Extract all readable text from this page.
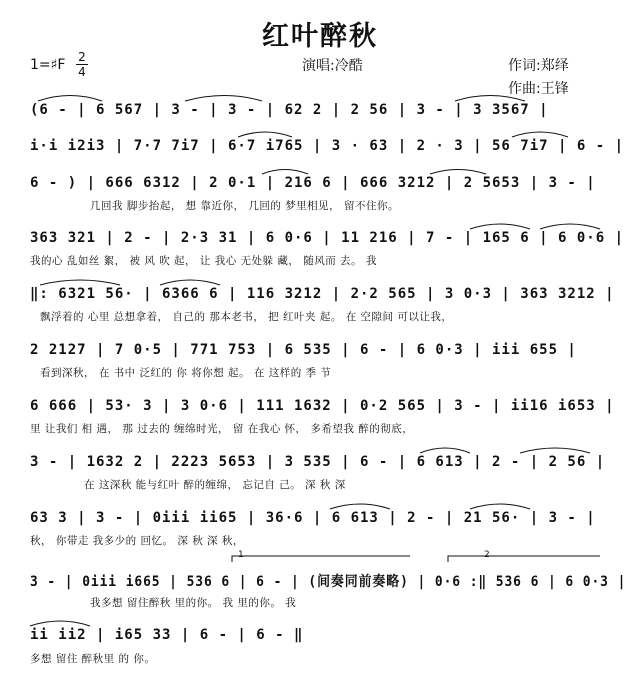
红叶醉秋
1=♯F 2
4	演唱:冷酷	作词:郑绎
作曲:王锋
(6 - | 6 567 | 3 - | 3 - | 62 2 | 2 56 | 3 - | 3 3567 |
i·i i2i3 | 7·7 7i7 | 6·7 i765 | 3 · 63 | 2 · 3 | 56 7i7 | 6 - |
6 - ) | 666 6312 | 2 0·1 | 216 6 | 666 3212 | 2 5653 | 3 - |
几回我 脚步抬起， 想 靠近你， 几回的 梦里相见， 留不住你。
363 321 | 2 - | 2·3 31 | 6 0·6 | 11 216 | 7 - | 165 6 | 6 0·6 |
我的心 乱如丝 絮， 被 风 吹 起， 让 我心 无处躲 藏， 随风而 去。 我
‖: 6321 56· | 6366 6 | 116 3212 | 2·2 565 | 3 0·3 | 363 3212 |
飘浮着的 心里 总想拿着， 自己的 那本老书， 把 红叶夹 起。 在 空隙间 可以让我，
2 2127 | 7 0·5 | 771 753 | 6 535 | 6 - | 6 0·3 | iii 655 |
看到深秋， 在 书中 泛红的 你 将你想 起。 在 这样的 季 节
6 666 | 53· 3 | 3 0·6 | 111 1632 | 0·2 565 | 3 - | ii16 i653 |
里 让我们 相 遇， 那 过去的 缠绵时光， 留 在我心 怀， 多希望我 醉的彻底，
3 - | 1632 2 | 2223 5653 | 3 535 | 6 - | 6 613 | 2 - | 2 56 |
在 这深秋 能与红叶 醉的缠绵， 忘记自 己。 深 秋 深
63 3 | 3 - | 0iii ii65 | 36·6 | 6 613 | 2 - | 21 56· | 3 - |
秋， 你带走 我多少的 回忆。 深 秋 深 秋，
3 - | 0iii i665 | 536 6 | 6 - | (间奏同前奏略) | 0·6 :‖ 536 6 | 6 0·3 |
我多想 留住醉秋 里的你。 我 里的你。 我
ii ii2 | i65 33 | 6 - | 6 - ‖
多想 留住 醉秋里 的 你。
1	2
